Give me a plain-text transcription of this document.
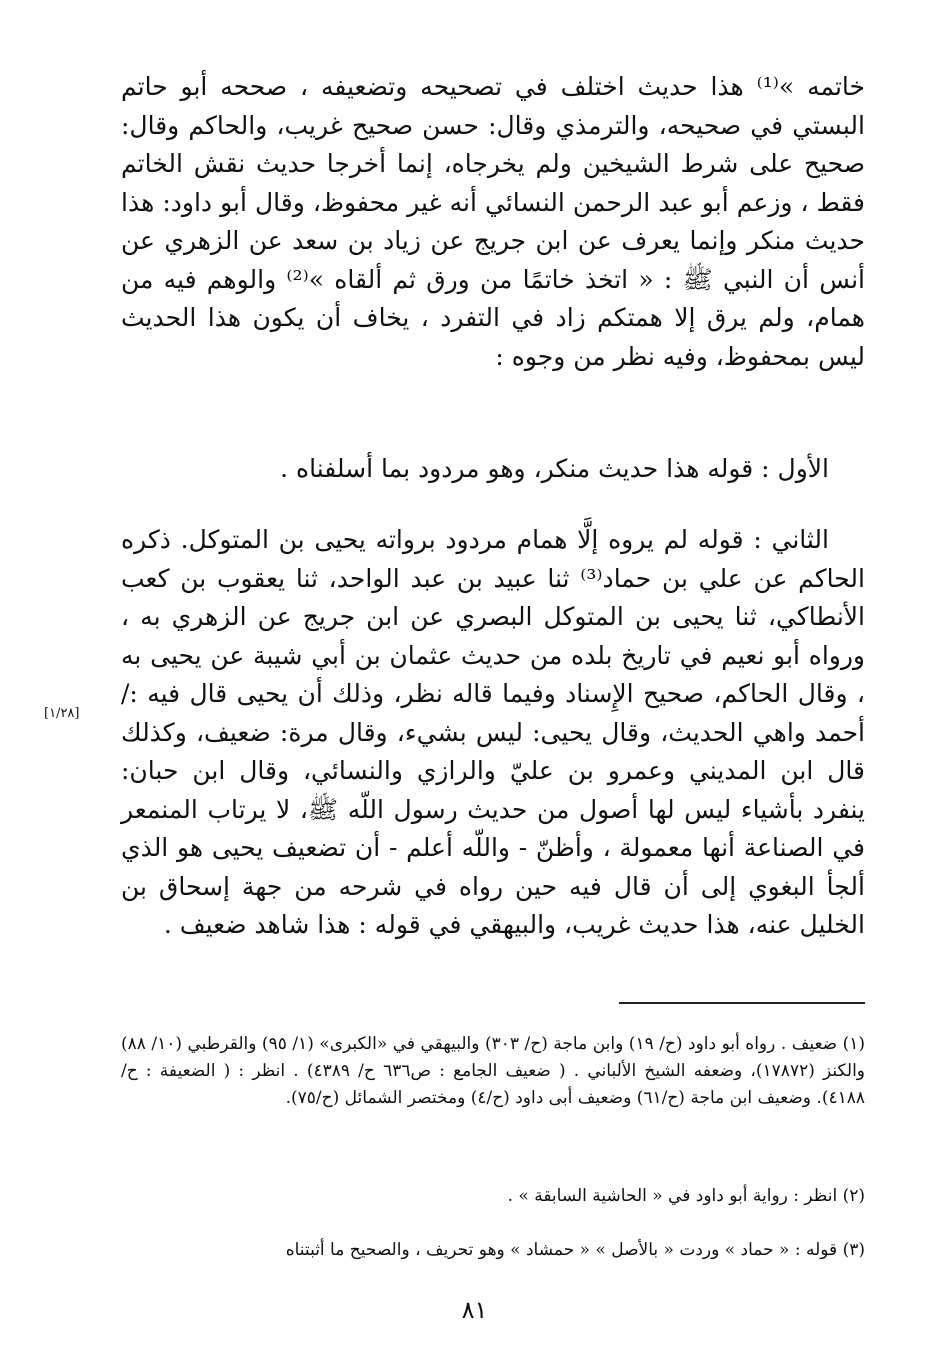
خاتمه »⁽¹⁾ هذا حديث اختلف في تصحيحه وتضعيفه ، صححه أبو حاتم البستي في صحيحه، والترمذي وقال: حسن صحيح غريب، والحاكم وقال: صحيح على شرط الشيخين ولم يخرجاه، إنما أخرجا حديث نقش الخاتم فقط ، وزعم أبو عبد الرحمن النسائي أنه غير محفوظ، وقال أبو داود: هذا حديث منكر وإنما يعرف عن ابن جريج عن زياد بن سعد عن الزهري عن أنس أن النبي ﷺ : « اتخذ خاتمًا من ورق ثم ألقاه »⁽²⁾ والوهم فيه من همام، ولم يرق إلا همتكم زاد في التفرد ، يخاف أن يكون هذا الحديث ليس بمحفوظ، وفيه نظر من وجوه :

الأول : قوله هذا حديث منكر، وهو مردود بما أسلفناه .

الثاني : قوله لم يروه إلَّا همام مردود برواته يحيى بن المتوكل. ذكره الحاكم عن علي بن حماد⁽³⁾ ثنا عبيد بن عبد الواحد، ثنا يعقوب بن كعب الأنطاكي، ثنا يحيى بن المتوكل البصري عن ابن جريج عن الزهري به ، ورواه أبو نعيم في تاريخ بلده من حديث عثمان بن أبي شيبة عن يحيى به ، وقال الحاكم، صحيح الإِسناد وفيما قاله نظر، وذلك أن يحيى قال فيه :/ أحمد واهي الحديث، وقال يحيى: ليس بشيء، وقال مرة: ضعيف، وكذلك قال ابن المديني وعمرو بن عليّ والرازي والنسائي، وقال ابن حبان: ينفرد بأشياء ليس لها أصول من حديث رسول اللّه ﷺ، لا يرتاب المنمعر في الصناعة أنها معمولة ، وأظنّ - واللّه أعلم - أن تضعيف يحيى هو الذي ألجأ البغوي إلى أن قال فيه حين رواه في شرحه من جهة إسحاق بن الخليل عنه، هذا حديث غريب، والبيهقي في قوله : هذا شاهد ضعيف .

[١/٢٨]

(١) ضعيف . رواه أبو داود (ح/ ١٩) وابن ماجة (ح/ ٣٠٣) والبيهقي في «الكبرى» (١/ ٩٥) والقرطبي (١٠/ ٨٨) والكنز (١٧٨٧٢)، وضعفه الشيخ الألباني . ( ضعيف الجامع : ص٦٣٦ ح/ ٤٣٨٩) . انظر : ( الضعيفة : ح/ ٤١٨٨). وضعيف ابن ماجة (ح/٦١) وضعيف أبى داود (ح/٤) ومختصر الشمائل (ح/٧٥).

(٢) انظر : رواية أبو داود في « الحاشية السابقة » .

(٣) قوله : « حماد » وردت « بالأصل » « حمشاد » وهو تحريف ، والصحيح ما أثبتناه

٨١
